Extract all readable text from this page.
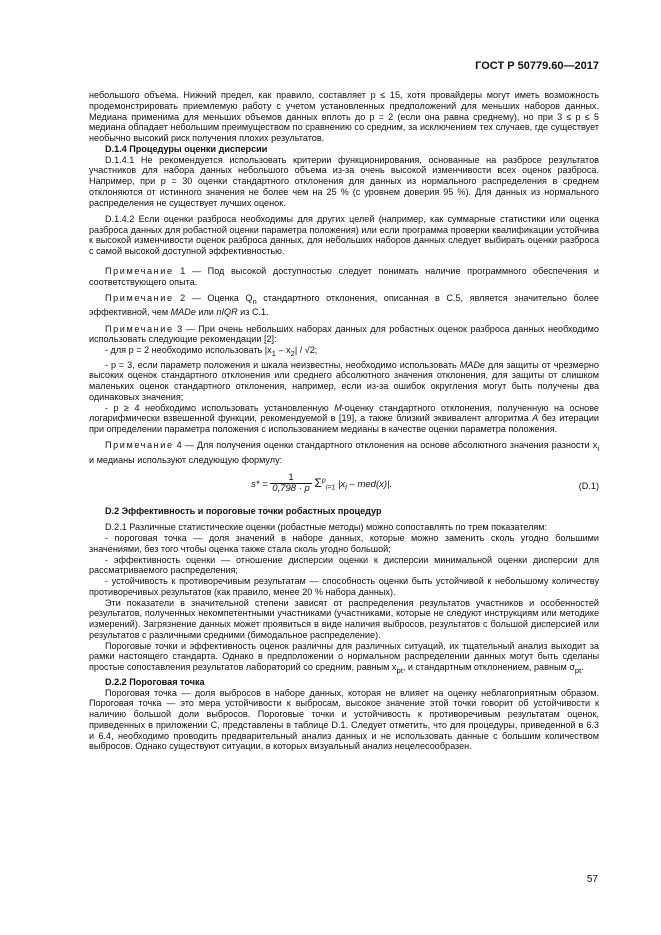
ГОСТ Р 50779.60—2017

небольшого объема. Нижний предел, как правило, составляет p ≤ 15, хотя провайдеры могут иметь возможность продемонстрировать приемлемую работу с учетом установленных предположений для меньших наборов данных. Медиана применима для меньших объемов данных вплоть до p = 2 (если она равна среднему), но при 3 ≤ p ≤ 5 медиана обладает небольшим преимуществом по сравнению со средним, за исключением тех случаев, где существует необычно высокий риск получения плохих результатов.

D.1.4 Процедуры оценки дисперсии

D.1.4.1 Не рекомендуется использовать критерии функционирования, основанные на разбросе результатов участников для набора данных небольшого объема из-за очень высокой изменчивости всех оценок разброса. Например, при p = 30 оценки стандартного отклонения для данных из нормального распределения в среднем отклоняются от истинного значения не более чем на 25 % (с уровнем доверия 95 %). Для данных из нормального распределения не существует лучших оценок.

D.1.4.2 Если оценки разброса необходимы для других целей (например, как суммарные статистики или оценка разброса данных для робастной оценки параметра положения) или если программа проверки квалификации устойчива к высокой изменчивости оценок разброса данных, для небольших наборов данных следует выбирать оценки разброса с самой высокой доступной эффективностью.

Примечание 1 — Под высокой доступностью следует понимать наличие программного обеспечения и соответствующего опыта.

Примечание 2 — Оценка $Q_n$ стандартного отклонения, описанная в С.5, является значительно более эффективной, чем MADe или nIQR из С.1.

Примечание 3 — При очень небольших наборах данных для робастных оценок разброса данных необходимо использовать следующие рекомендации [2]:

- для p = 2 необходимо использовать $|x_1 - x_2| / √2$;

- p = 3, если параметр положения и шкала неизвестны, необходимо использовать MADe для защиты от чрезмерно высоких оценок стандартного отклонения или среднего абсолютного значения отклонения, для защиты от слишком маленьких оценок стандартного отклонения, например, если из-за ошибок округления могут быть получены два одинаковых значения;

- p ≥ 4 необходимо использовать установленную M-оценку стандартного отклонения, полученную на основе логарифмически взвешенной функции, рекомендуемой в [19], а также близкий эквивалент алгоритма A без итерации при определении параметра положения с использованием медианы в качестве оценки параметра положения.

Примечание 4 — Для получения оценки стандартного отклонения на основе абсолютного значения разности $x_i$ и медианы используют следующую формулу:

$s* = \frac{1}{0,798 \cdot p} \Sigma^p_{i=1}$ $|x_i - med(x)|$.	(D.1)

D.2 Эффективность и пороговые точки робастных процедур

D.2.1 Различные статистические оценки (робастные методы) можно сопоставлять по трем показателям:

- пороговая точка — доля значений в наборе данных, которые можно заменить сколь угодно большими значениями, без того чтобы оценка также стала сколь угодно большой;

- эффективность оценки — отношение дисперсии оценки к дисперсии минимальной оценки дисперсии для рассматриваемого распределения;

- устойчивость к противоречивым результатам — способность оценки быть устойчивой к небольшому количеству противоречивых результатов (как правило, менее 20 % набора данных).

Эти показатели в значительной степени зависят от распределения результатов участников и особенностей результатов, полученных некомпетентными участниками (участниками, которые не следуют инструкциям или методике измерений). Загрязнение данных может проявиться в виде наличия выбросов, результатов с большой дисперсией или результатов с различными средними (бимодальное распределение).

Пороговые точки и эффективность оценок различны для различных ситуаций, их тщательный анализ выходит за рамки настоящего стандарта. Однако в предположении о нормальном распределении данных могут быть сделаны простые сопоставления результатов лабораторий со средним, равным $x_{pt}$, и стандартным отклонением, равным $\sigma_{pt}$.

D.2.2 Пороговая точка

Пороговая точка — доля выбросов в наборе данных, которая не влияет на оценку неблагоприятным образом. Пороговая точка — это мера устойчивости к выбросам, высокое значение этой точки говорит об устойчивости к наличию большой доли выбросов. Пороговые точки и устойчивость к противоречивым результатам оценок, приведенных в приложении С, представлены в таблице D.1. Следует отметить, что для процедуры, приведенной в 6.3 и 6.4, необходимо проводить предварительный анализ данных и не использовать данные с большим количеством выбросов. Однако существуют ситуации, в которых визуальный анализ нецелесообразен.

57
